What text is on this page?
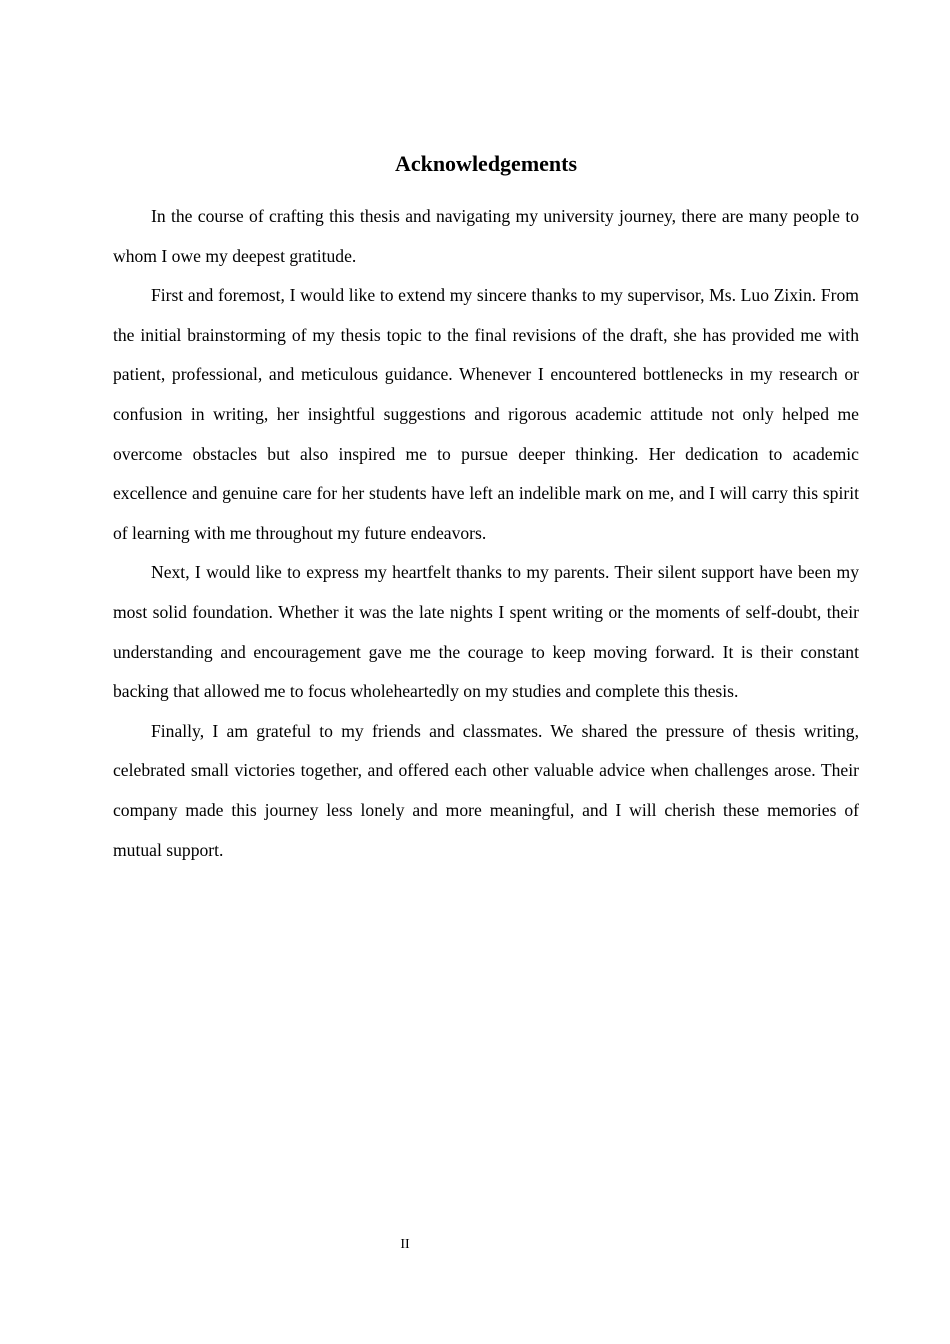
Acknowledgements

In the course of crafting this thesis and navigating my university journey, there are many people to whom I owe my deepest gratitude.

First and foremost, I would like to extend my sincere thanks to my supervisor, Ms. Luo Zixin. From the initial brainstorming of my thesis topic to the final revisions of the draft, she has provided me with patient, professional, and meticulous guidance. Whenever I encountered bottlenecks in my research or confusion in writing, her insightful suggestions and rigorous academic attitude not only helped me overcome obstacles but also inspired me to pursue deeper thinking. Her dedication to academic excellence and genuine care for her students have left an indelible mark on me, and I will carry this spirit of learning with me throughout my future endeavors.

Next, I would like to express my heartfelt thanks to my parents. Their silent support have been my most solid foundation. Whether it was the late nights I spent writing or the moments of self-doubt, their understanding and encouragement gave me the courage to keep moving forward. It is their constant backing that allowed me to focus wholeheartedly on my studies and complete this thesis.

Finally, I am grateful to my friends and classmates. We shared the pressure of thesis writing, celebrated small victories together, and offered each other valuable advice when challenges arose. Their company made this journey less lonely and more meaningful, and I will cherish these memories of mutual support.

II
